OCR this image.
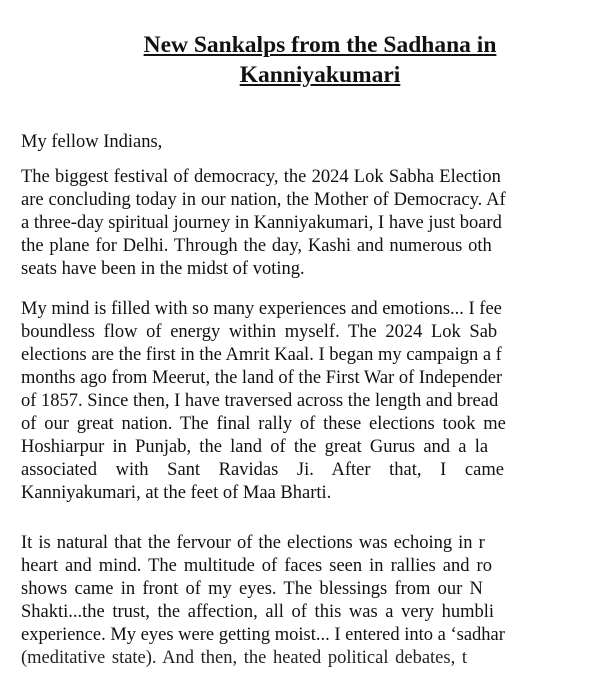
New Sankalps from the Sadhana in
Kanniyakumari
My fellow Indians,
The biggest festival of democracy, the 2024 Lok Sabha Election
are concluding today in our nation, the Mother of Democracy. Af
a three-day spiritual journey in Kanniyakumari, I have just board
the plane for Delhi. Through the day, Kashi and numerous oth
seats have been in the midst of voting.
My mind is filled with so many experiences and emotions... I fee
boundless flow of energy within myself. The 2024 Lok Sab
elections are the first in the Amrit Kaal. I began my campaign a f
months ago from Meerut, the land of the First War of Independer
of 1857. Since then, I have traversed across the length and bread
of our great nation. The final rally of these elections took me
Hoshiarpur in Punjab, the land of the great Gurus and a la
associated with Sant Ravidas Ji. After that, I came
Kanniyakumari, at the feet of Maa Bharti.
It is natural that the fervour of the elections was echoing in r
heart and mind. The multitude of faces seen in rallies and ro
shows came in front of my eyes. The blessings from our N
Shakti...the trust, the affection, all of this was a very humbli
experience. My eyes were getting moist... I entered into a ‘sadhar
(meditative state). And then, the heated political debates, t
